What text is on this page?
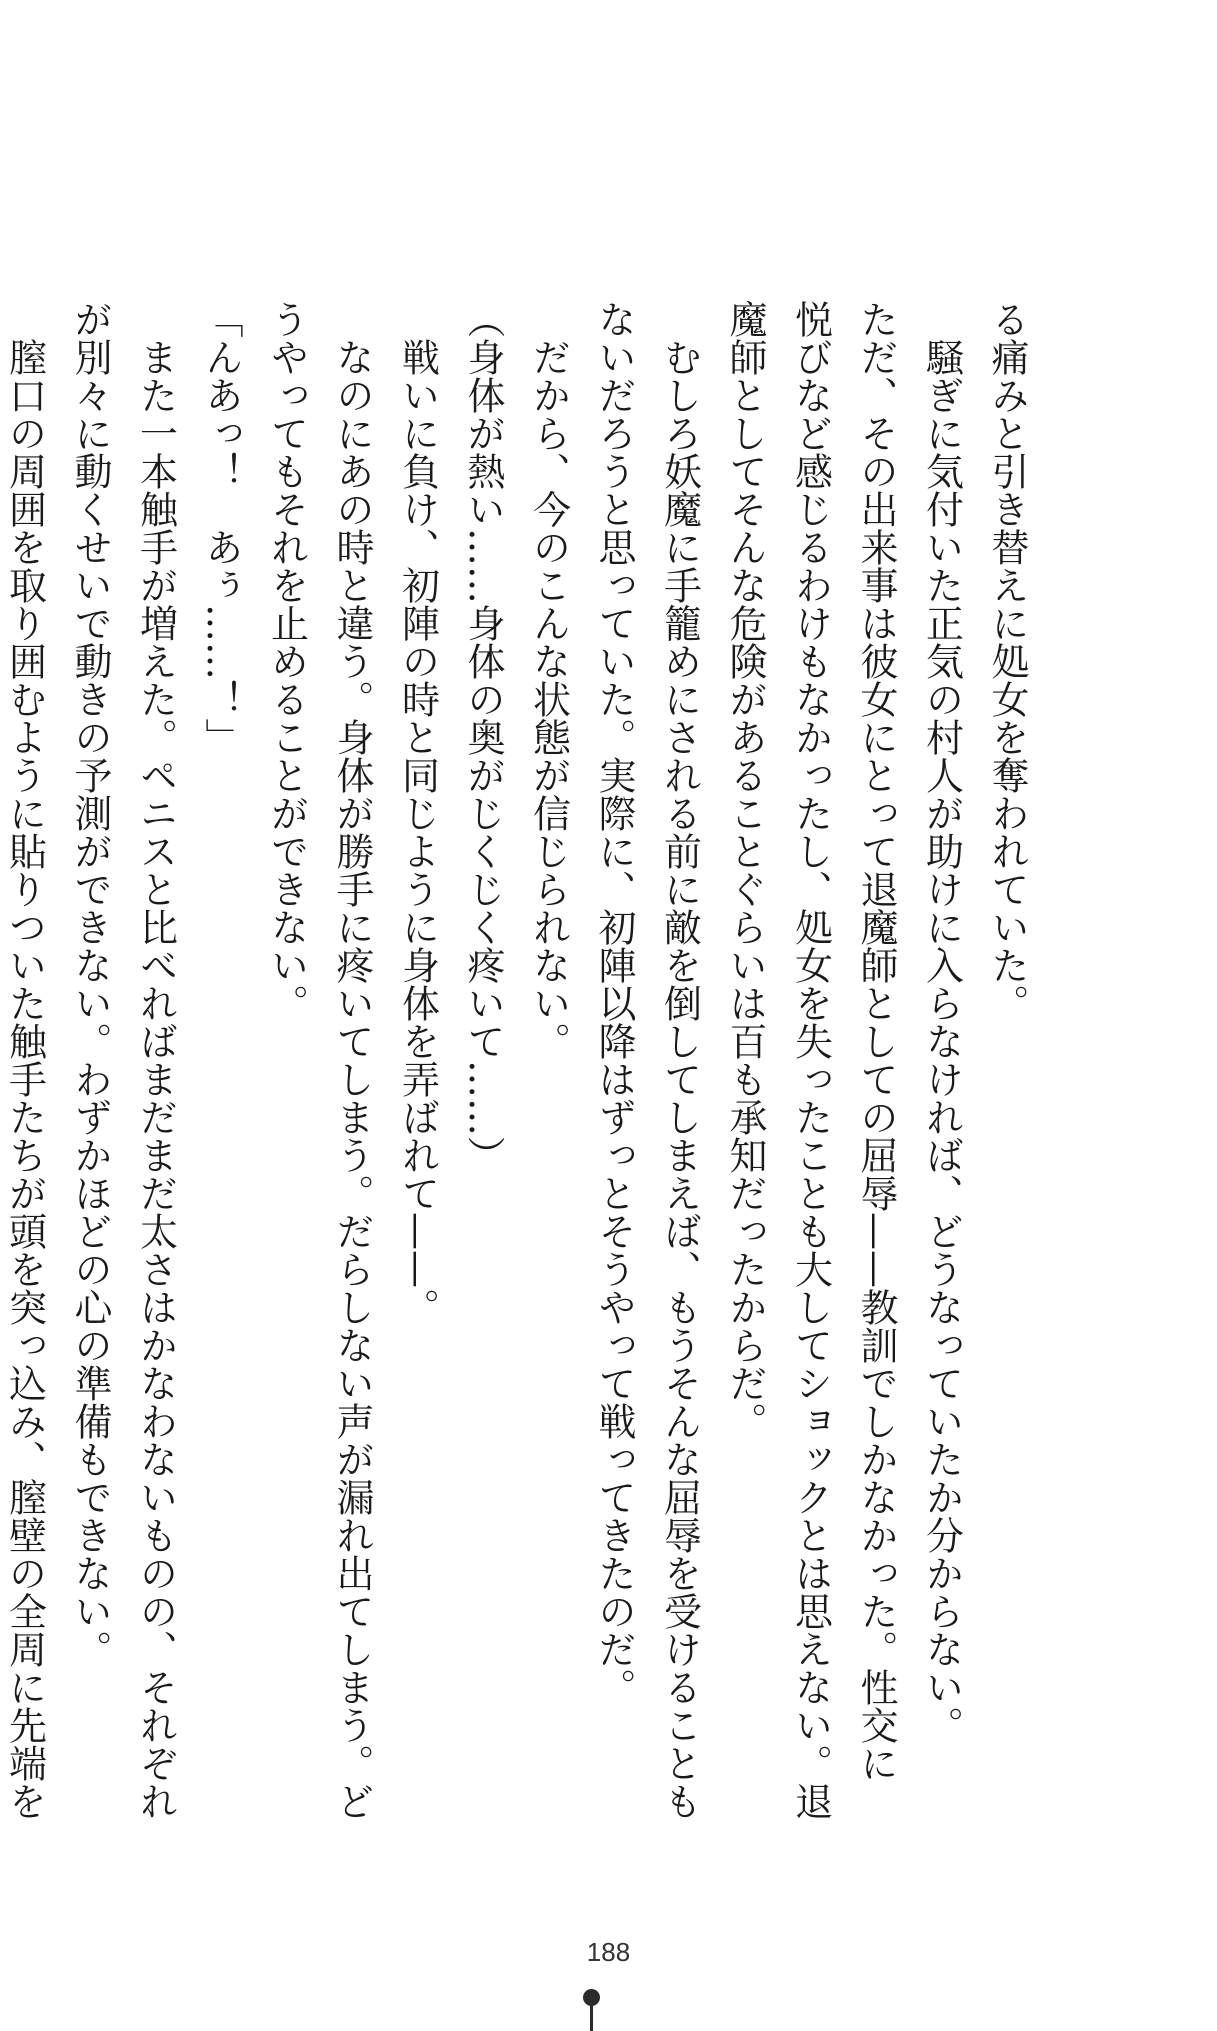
る痛みと引き替えに処女を奪われていた。

　騒ぎに気付いた正気の村人が助けに入らなければ、どうなっていたか分からない。

ただ、その出来事は彼女にとって退魔師としての屈辱——教訓でしかなかった。性交に

悦びなど感じるわけもなかったし、処女を失ったことも大してショックとは思えない。退

魔師としてそんな危険があることぐらいは百も承知だったからだ。

　むしろ妖魔に手籠めにされる前に敵を倒してしまえば、もうそんな屈辱を受けることも

ないだろうと思っていた。実際に、初陣以降はずっとそうやって戦ってきたのだ。

　だから、今のこんな状態が信じられない。

（身体が熱い……身体の奥がじくじく疼いて……）

　戦いに負け、初陣の時と同じように身体を弄ばれて——。

　なのにあの時と違う。身体が勝手に疼いてしまう。だらしない声が漏れ出てしまう。ど

うやってもそれを止めることができない。

「んあっ！　あぅ……！」

　また一本触手が増えた。ペニスと比べればまだまだ太さはかなわないものの、それぞれ

が別々に動くせいで動きの予測ができない。わずかほどの心の準備もできない。

　膣口の周囲を取り囲むように貼りついた触手たちが頭を突っ込み、膣壁の全周に先端を

188
